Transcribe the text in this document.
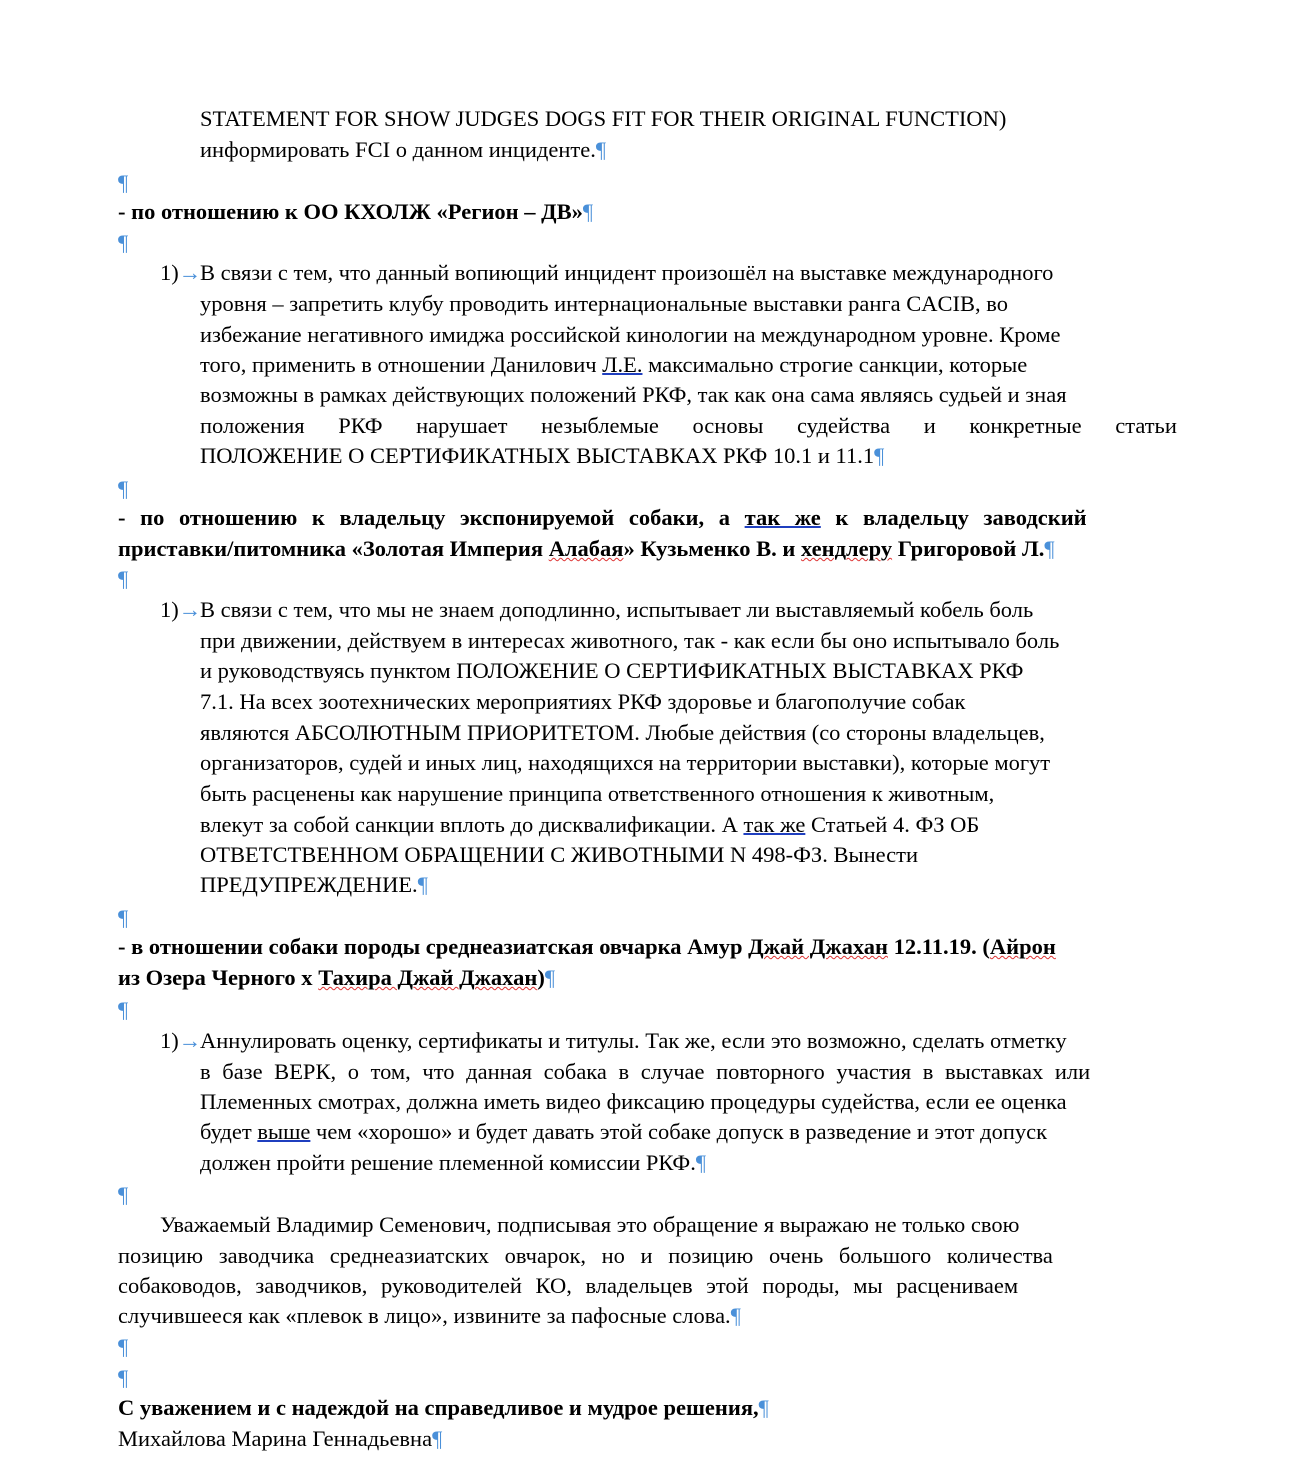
STATEMENT FOR SHOW JUDGES DOGS FIT FOR THEIR ORIGINAL FUNCTION)
информировать FCI о данном инциденте.¶
¶
- по отношению к ОО КХОЛЖ «Регион – ДВ»¶
¶
1)→
В связи с тем, что данный вопиющий инцидент произошёл на выставке международного
уровня – запретить клубу проводить интернациональные выставки ранга CACIB, во
избежание негативного имиджа российской кинологии на международном уровне. Кроме
того, применить в отношении Данилович Л.Е. максимально строгие санкции, которые
возможны в рамках действующих положений РКФ, так как она сама являясь судьей и зная
положения РКФ нарушает незыблемые основы судейства и конкретные статьи
ПОЛОЖЕНИЕ О СЕРТИФИКАТНЫХ ВЫСТАВКАХ РКФ 10.1 и 11.1¶
¶
- по отношению к владельцу экспонируемой собаки, а так же к владельцу заводский
приставки/питомника «Золотая Империя Алабая» Кузьменко В. и хендлеру Григоровой Л.¶
¶
1)→
В связи с тем, что мы не знаем доподлинно, испытывает ли выставляемый кобель боль
при движении, действуем в интересах животного, так - как если бы оно испытывало боль
и руководствуясь пунктом ПОЛОЖЕНИЕ О СЕРТИФИКАТНЫХ ВЫСТАВКАХ РКФ
7.1. На всех зоотехнических мероприятиях РКФ здоровье и благополучие собак
являются АБСОЛЮТНЫМ ПРИОРИТЕТОМ. Любые действия (со стороны владельцев,
организаторов, судей и иных лиц, находящихся на территории выставки), которые могут
быть расценены как нарушение принципа ответственного отношения к животным,
влекут за собой санкции вплоть до дисквалификации. А так же Статьей 4. ФЗ ОБ
ОТВЕТСТВЕННОМ ОБРАЩЕНИИ С ЖИВОТНЫМИ N 498-ФЗ. Вынести
ПРЕДУПРЕЖДЕНИЕ.¶
¶
- в отношении собаки породы среднеазиатская овчарка Амур Джай Джахан 12.11.19. (Айрон
из Озера Черного х Тахира Джай Джахан)¶
¶
1)→
Аннулировать оценку, сертификаты и титулы. Так же, если это возможно, сделать отметку
в базе ВЕРК, о том, что данная собака в случае повторного участия в выставках или
Племенных смотрах, должна иметь видео фиксацию процедуры судейства, если ее оценка
будет выше чем «хорошо» и будет давать этой собаке допуск в разведение и этот допуск
должен пройти решение племенной комиссии РКФ.¶
¶
Уважаемый Владимир Семенович, подписывая это обращение я выражаю не только свою
позицию заводчика среднеазиатских овчарок, но и позицию очень большого количества
собаководов, заводчиков, руководителей КО, владельцев этой породы, мы расцениваем
случившееся как «плевок в лицо», извините за пафосные слова.¶
¶
¶
С уважением и с надеждой на справедливое и мудрое решения,¶
Михайлова Марина Геннадьевна¶
